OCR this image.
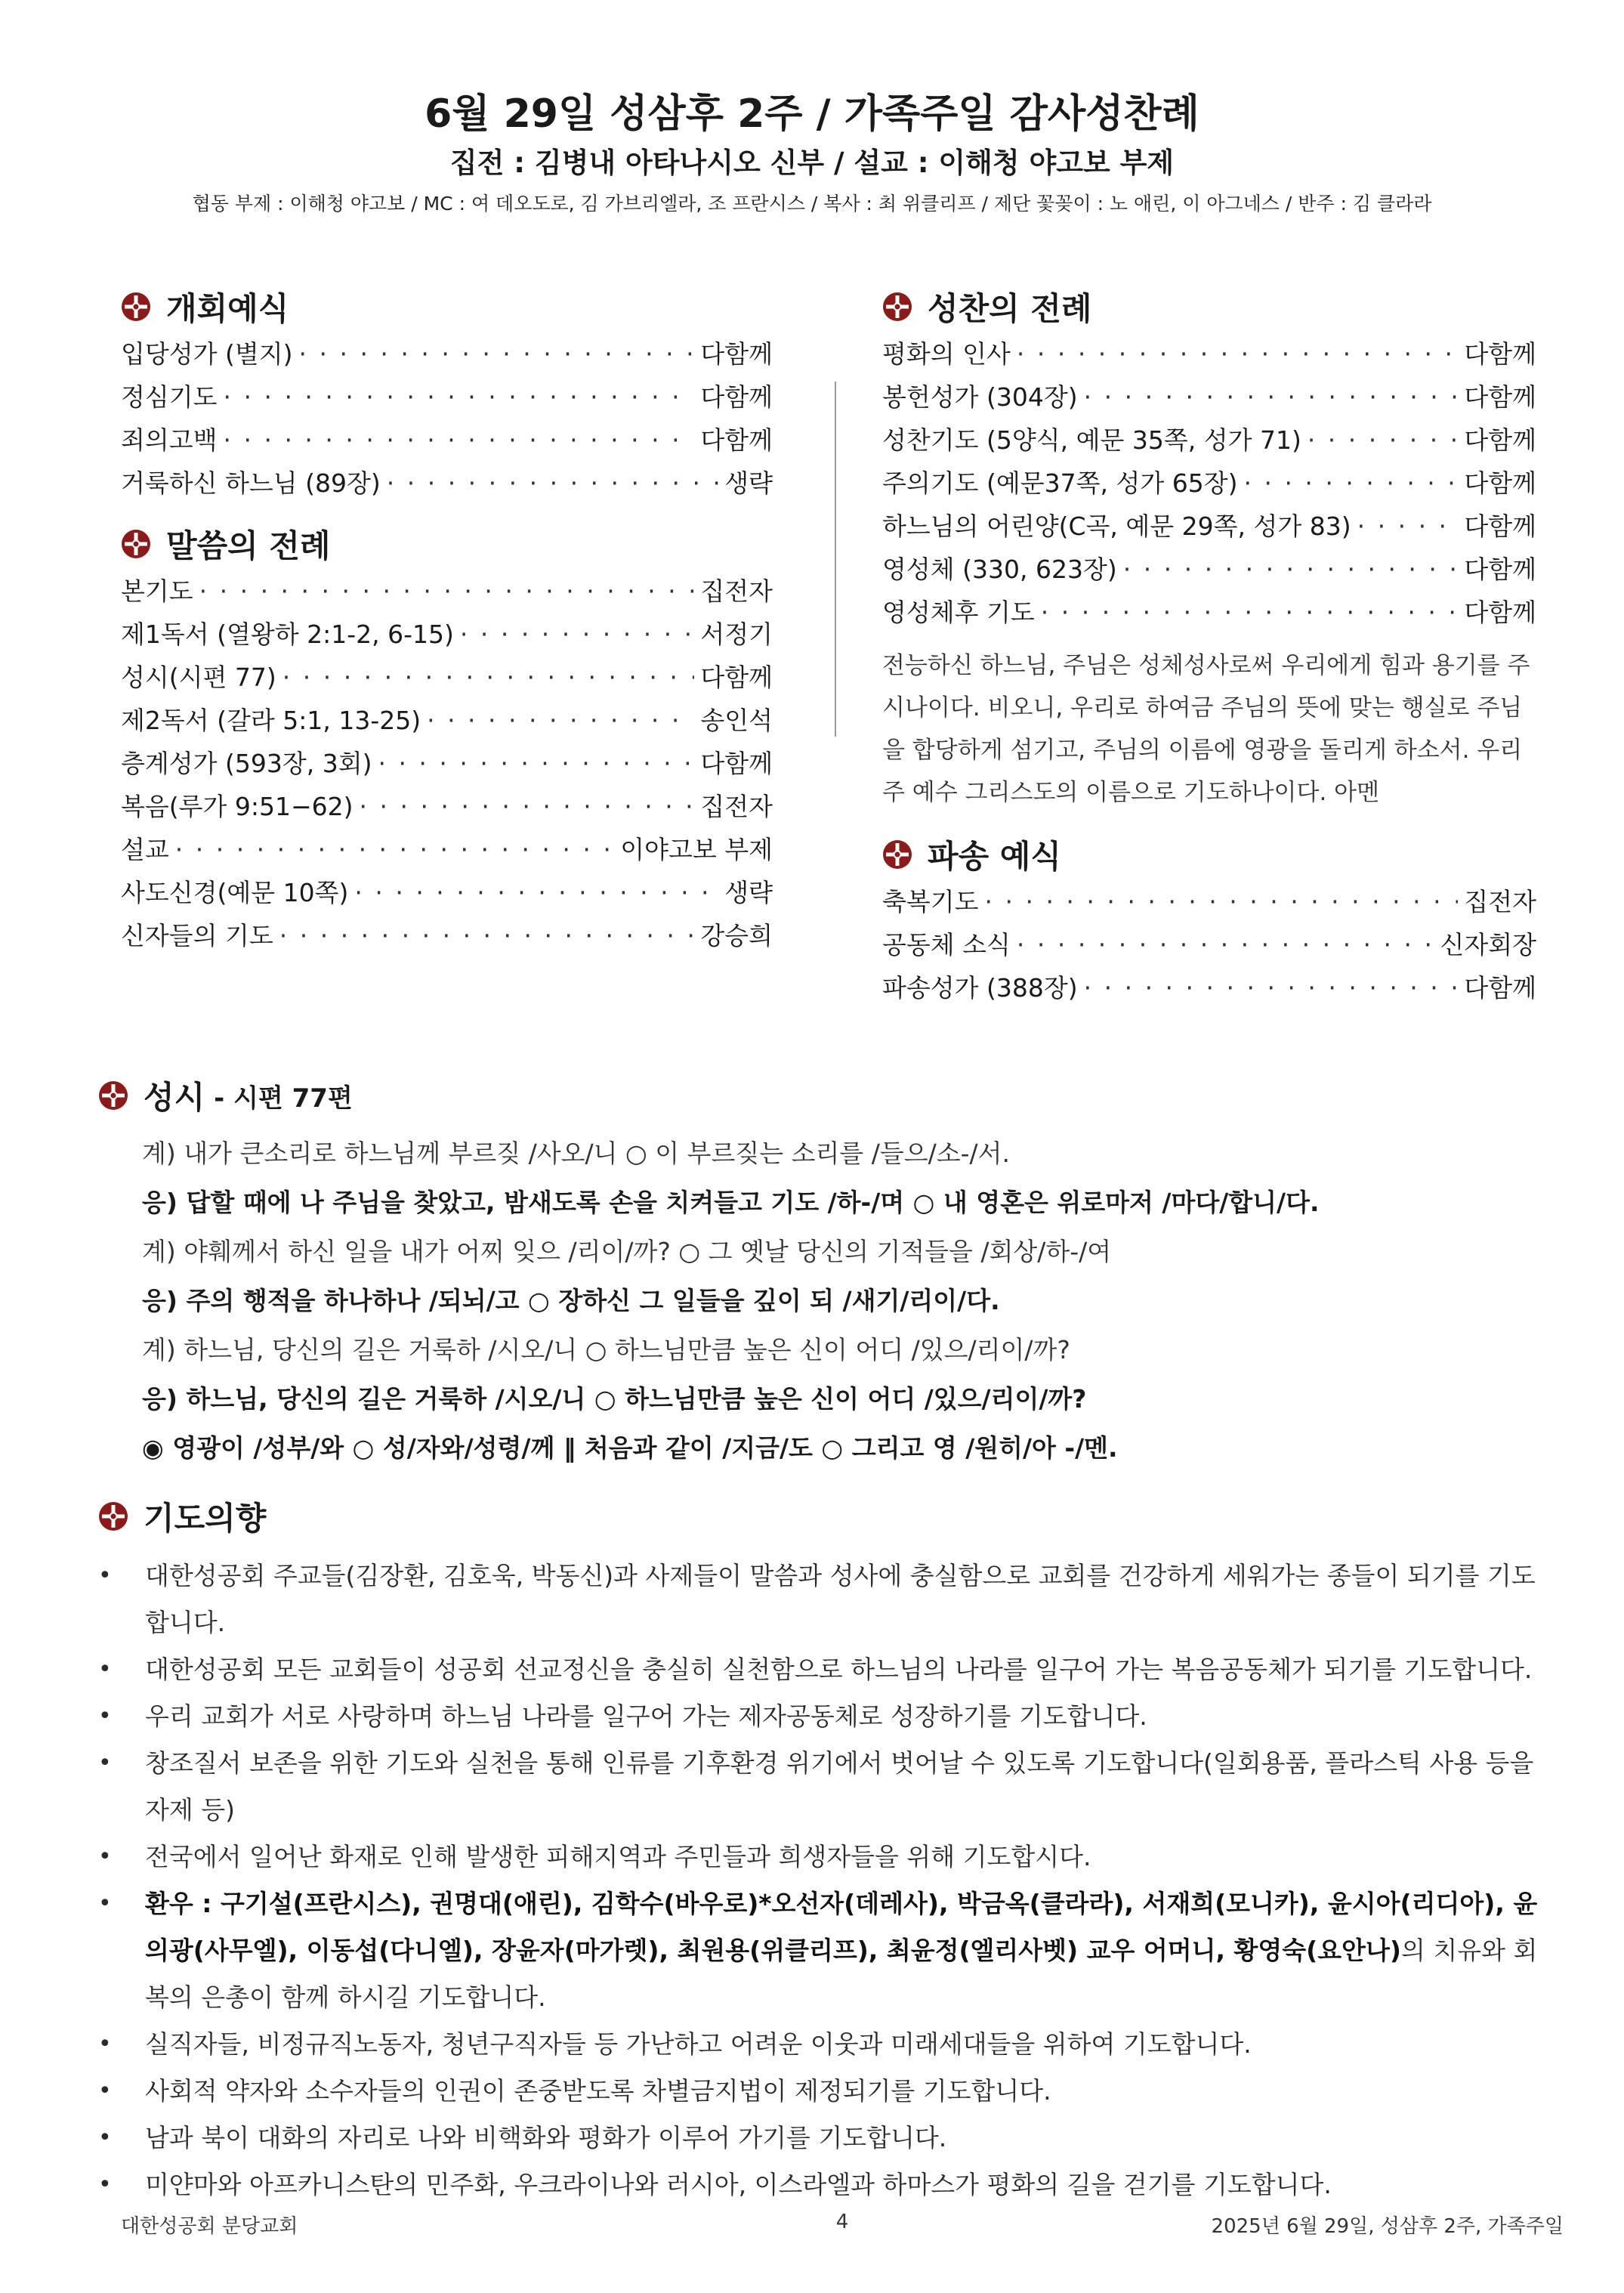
6월 29일 성삼후 2주 / 가족주일 감사성찬례
집전 : 김병내 아타나시오 신부 / 설교 : 이해청 야고보 부제
협동 부제 : 이해청 야고보 / MC : 여 데오도로, 김 가브리엘라, 조 프란시스 / 복사 : 최 위클리프 / 제단 꽃꽂이 : 노 애린, 이 아그네스 / 반주 : 김 클라라
개회예식
입당성가 (별지) · · ·	다함께
정심기도 · · ·	다함께
죄의고백 · · ·	다함께
거룩하신 하느님 (89장) · · ·	생략
말씀의 전례
본기도 · · ·	집전자
제1독서 (열왕하 2:1-2, 6-15) · · ·	서정기
성시(시편 77) · · ·	다함께
제2독서 (갈라 5:1, 13-25) · · ·	송인석
층계성가 (593장, 3회) · · ·	다함께
복음(루가 9:51−62) · · ·	집전자
설교 · · ·	이야고보 부제
사도신경(예문 10쪽) · · ·	생략
신자들의 기도 · · ·	강승희
성찬의 전례
평화의 인사 · · ·	다함께
봉헌성가 (304장) · · ·	다함께
성찬기도 (5양식, 예문 35쪽, 성가 71) · · ·	다함께
주의기도 (예문37쪽, 성가 65장) · · ·	다함께
하느님의 어린양(C곡, 예문 29쪽, 성가 83) · · ·	다함께
영성체 (330, 623장) · · ·	다함께
영성체후 기도 · · ·	다함께
전능하신 하느님, 주님은 성체성사로써 우리에게 힘과 용기를 주시나이다. 비오니, 우리로 하여금 주님의 뜻에 맞는 행실로 주님을 합당하게 섬기고, 주님의 이름에 영광을 돌리게 하소서. 우리 주 예수 그리스도의 이름으로 기도하나이다. 아멘
파송 예식
축복기도 · · ·	집전자
공동체 소식 · · ·	신자회장
파송성가 (388장) · · ·	다함께
성시 - 시편 77편
계) 내가 큰소리로 하느님께 부르짖 /사오/니 ○ 이 부르짖는 소리를 /들으/소-/서.
응) 답할 때에 나 주님을 찾았고, 밤새도록 손을 치켜들고 기도 /하-/며 ○ 내 영혼은 위로마저 /마다/합니/다.
계) 야훼께서 하신 일을 내가 어찌 잊으 /리이/까? ○ 그 옛날 당신의 기적들을 /회상/하-/여
응) 주의 행적을 하나하나 /되뇌/고 ○ 장하신 그 일들을 깊이 되 /새기/리이/다.
계) 하느님, 당신의 길은 거룩하 /시오/니 ○ 하느님만큼 높은 신이 어디 /있으/리이/까?
응) 하느님, 당신의 길은 거룩하 /시오/니 ○ 하느님만큼 높은 신이 어디 /있으/리이/까?
◉ 영광이 /성부/와 ○ 성/자와/성령/께 ‖ 처음과 같이 /지금/도 ○ 그리고 영 /원히/아 -/멘.
기도의향
• 대한성공회 주교들(김장환, 김호욱, 박동신)과 사제들이 말씀과 성사에 충실함으로 교회를 건강하게 세워가는 종들이 되기를 기도합니다.
• 대한성공회 모든 교회들이 성공회 선교정신을 충실히 실천함으로 하느님의 나라를 일구어 가는 복음공동체가 되기를 기도합니다.
• 우리 교회가 서로 사랑하며 하느님 나라를 일구어 가는 제자공동체로 성장하기를 기도합니다.
• 창조질서 보존을 위한 기도와 실천을 통해 인류를 기후환경 위기에서 벗어날 수 있도록 기도합니다(일회용품, 플라스틱 사용 등을 자제 등)
• 전국에서 일어난 화재로 인해 발생한 피해지역과 주민들과 희생자들을 위해 기도합시다.
• 환우 : 구기설(프란시스), 권명대(애린), 김학수(바우로)*오선자(데레사), 박금옥(클라라), 서재희(모니카), 윤시아(리디아), 윤의광(사무엘), 이동섭(다니엘), 장윤자(마가렛), 최원용(위클리프), 최윤정(엘리사벳) 교우 어머니, 황영숙(요안나)의 치유와 회복의 은총이 함께 하시길 기도합니다.
• 실직자들, 비정규직노동자, 청년구직자들 등 가난하고 어려운 이웃과 미래세대들을 위하여 기도합니다.
• 사회적 약자와 소수자들의 인권이 존중받도록 차별금지법이 제정되기를 기도합니다.
• 남과 북이 대화의 자리로 나와 비핵화와 평화가 이루어 가기를 기도합니다.
• 미얀마와 아프카니스탄의 민주화, 우크라이나와 러시아, 이스라엘과 하마스가 평화의 길을 걷기를 기도합니다.
대한성공회 분당교회	4	2025년 6월 29일, 성삼후 2주, 가족주일
